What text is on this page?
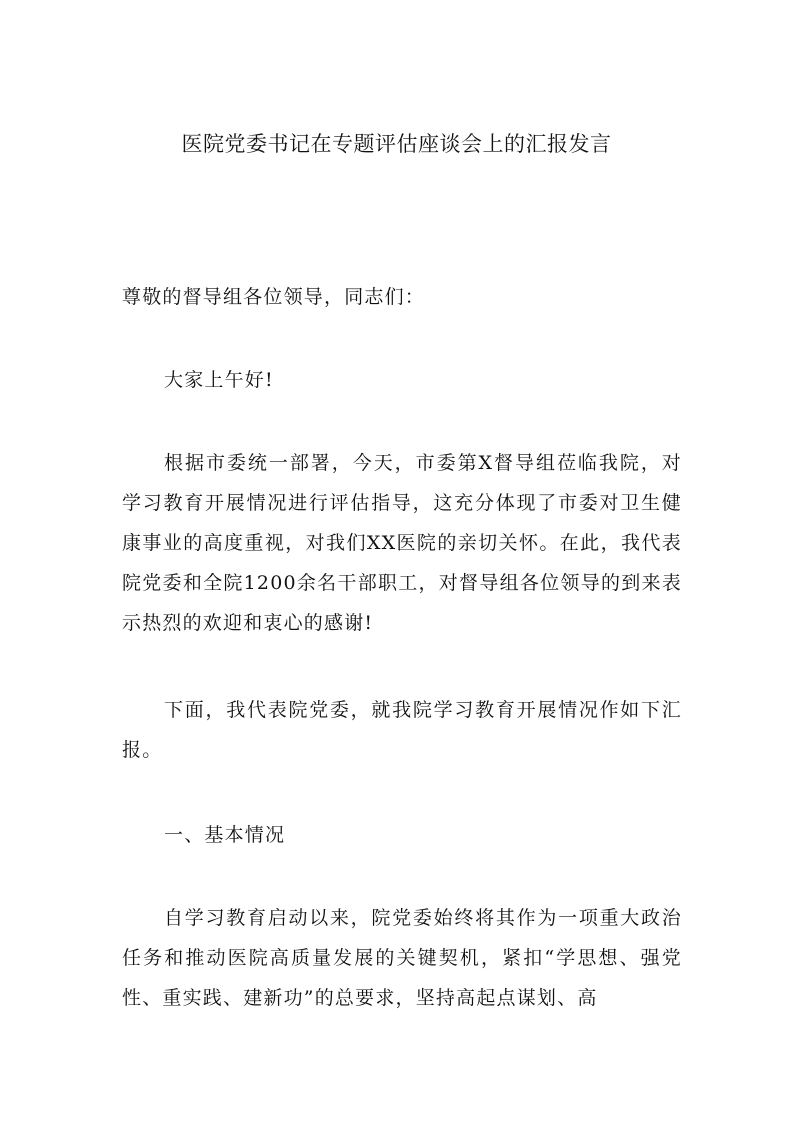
医院党委书记在专题评估座谈会上的汇报发言

尊敬的督导组各位领导，同志们：

大家上午好!

根据市委统一部署，今天，市委第X督导组莅临我院，对学习教育开展情况进行评估指导，这充分体现了市委对卫生健康事业的高度重视，对我们XX医院的亲切关怀。在此，我代表院党委和全院1200余名干部职工，对督导组各位领导的到来表示热烈的欢迎和衷心的感谢!

下面，我代表院党委，就我院学习教育开展情况作如下汇报。

一、基本情况

自学习教育启动以来，院党委始终将其作为一项重大政治任务和推动医院高质量发展的关键契机，紧扣“学思想、强党性、重实践、建新功”的总要求，坚持高起点谋划、高
